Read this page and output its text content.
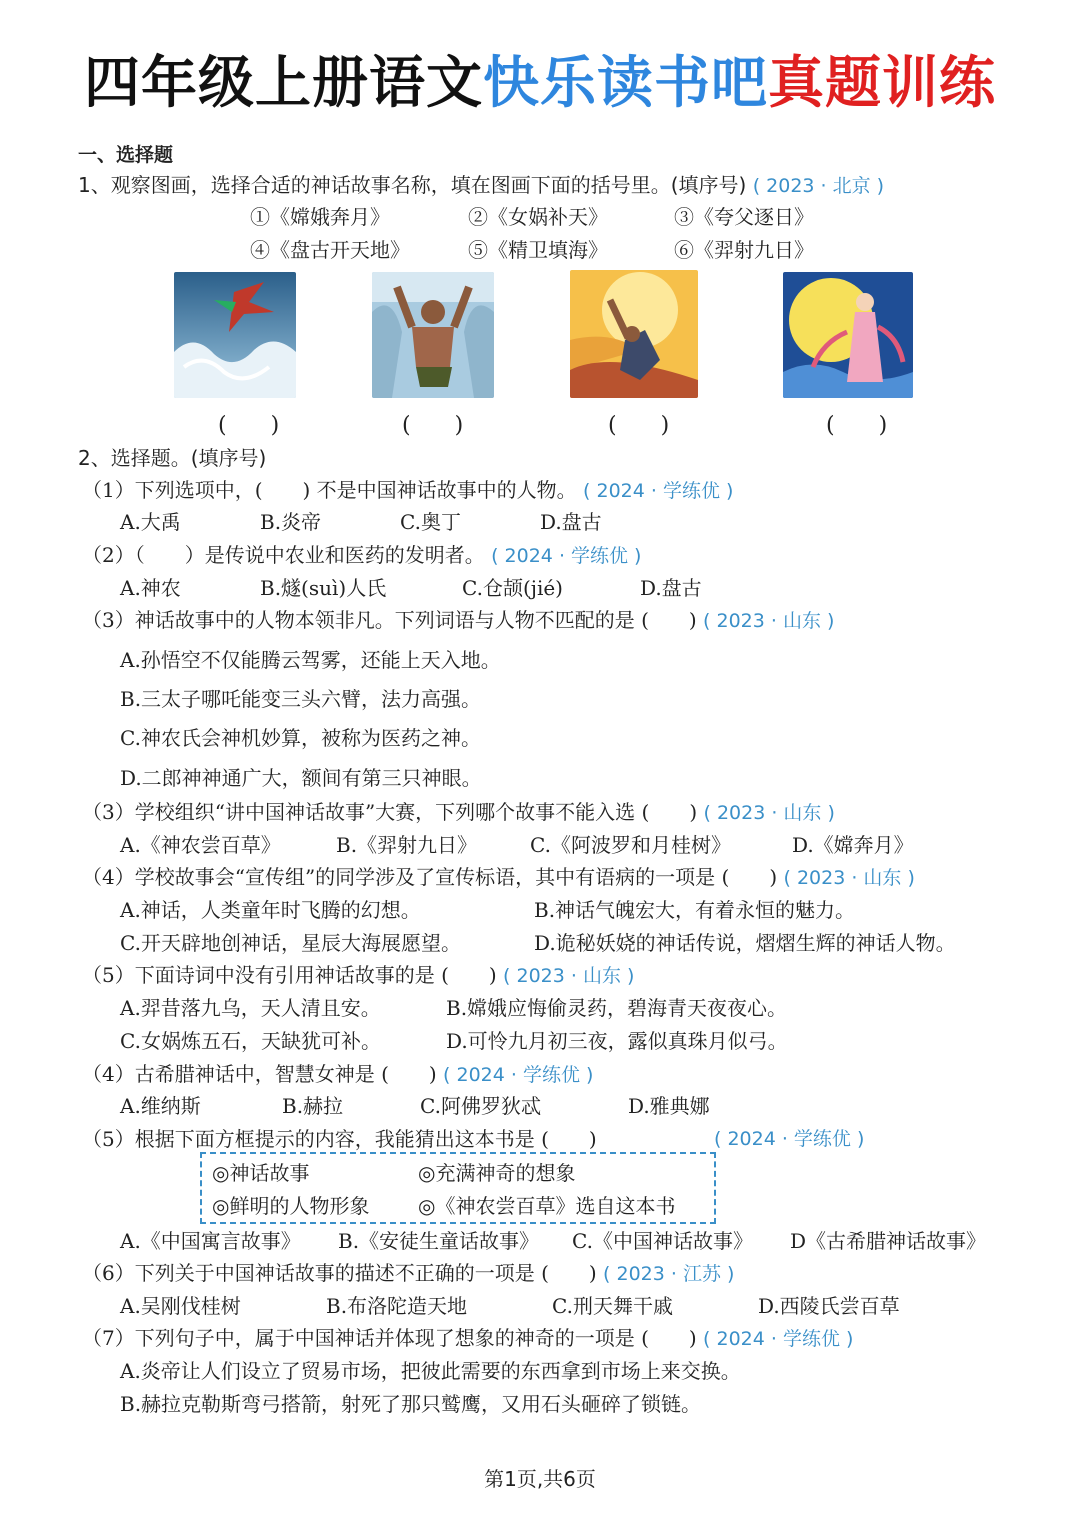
四年级上册语文快乐读书吧真题训练
一、选择题
1、观察图画，选择合适的神话故事名称，填在图画下面的括号里。(填序号) ( 2023 · 北京 )
①《嫦娥奔月》	②《女娲补天》	③《夸父逐日》
④《盘古开天地》	⑤《精卫填海》	⑥《羿射九日》
(　　)	(　　)	(　　)	(　　)
2、选择题。(填序号)
（1）下列选项中，(　　) 不是中国神话故事中的人物。 ( 2024 · 学练优 )
A.大禹	B.炎帝	C.奥丁	D.盘古
（2）（　　）是传说中农业和医药的发明者。 ( 2024 · 学练优 )
A.神农	B.燧(suì)人氏	C.仓颉(jié)	D.盘古
（3）神话故事中的人物本领非凡。下列词语与人物不匹配的是 (　　) ( 2023 · 山东 )
A.孙悟空不仅能腾云驾雾，还能上天入地。
B.三太子哪吒能变三头六臂，法力高强。
C.神农氏会神机妙算，被称为医药之神。
D.二郎神神通广大，额间有第三只神眼。
（3）学校组织“讲中国神话故事”大赛，下列哪个故事不能入选 (　　) ( 2023 · 山东 )
A.《神农尝百草》	B.《羿射九日》	C.《阿波罗和月桂树》	D.《嫦奔月》
（4）学校故事会“宣传组”的同学涉及了宣传标语，其中有语病的一项是 (　　) ( 2023 · 山东 )
A.神话，人类童年时飞腾的幻想。	B.神话气魄宏大，有着永恒的魅力。
C.开天辟地创神话，星辰大海展愿望。	D.诡秘妖娆的神话传说，熠熠生辉的神话人物。
（5）下面诗词中没有引用神话故事的是 (　　) ( 2023 · 山东 )
A.羿昔落九乌，天人清且安。	B.嫦娥应悔偷灵药，碧海青天夜夜心。
C.女娲炼五石，天缺犹可补。	D.可怜九月初三夜，露似真珠月似弓。
（4）古希腊神话中，智慧女神是 (　　) ( 2024 · 学练优 )
A.维纳斯	B.赫拉	C.阿佛罗狄忒	D.雅典娜
（5）根据下面方框提示的内容，我能猜出这本书是 (　　)	( 2024 · 学练优 )
◎神话故事	◎充满神奇的想象
◎鲜明的人物形象 ◎《神农尝百草》选自这本书
A.《中国寓言故事》 B.《安徒生童话故事》 C.《中国神话故事》 D《古希腊神话故事》
（6）下列关于中国神话故事的描述不正确的一项是 (　　) ( 2023 · 江苏 )
A.吴刚伐桂树	B.布洛陀造天地	C.刑天舞干戚	D.西陵氏尝百草
（7）下列句子中，属于中国神话并体现了想象的神奇的一项是 (　　) ( 2024 · 学练优 )
A.炎帝让人们设立了贸易市场，把彼此需要的东西拿到市场上来交换。
B.赫拉克勒斯弯弓搭箭，射死了那只鹫鹰，又用石头砸碎了锁链。
第1页,共6页
